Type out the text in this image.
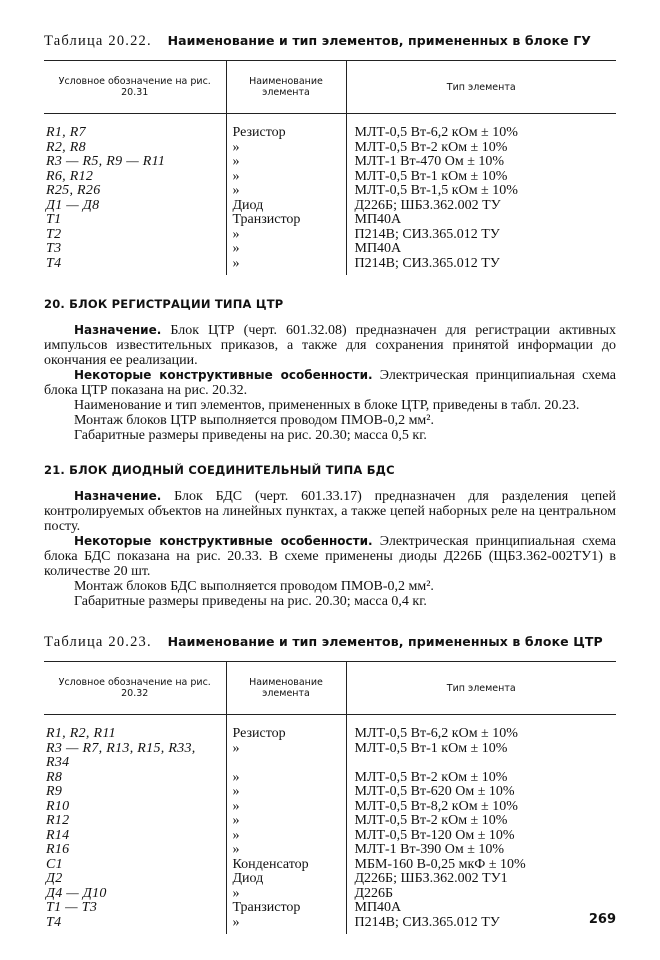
Таблица 20.22. Наименование и тип элементов, примененных в блоке ГУ
Условное обозначение на рис. 20.31	Наименование элемента	Тип элемента

R1, R7	Резистор	МЛТ-0,5 Вт-6,2 кОм ± 10%
R2, R8	»	МЛТ-0,5 Вт-2 кОм ± 10%
R3 — R5, R9 — R11	»	МЛТ-1 Вт-470 Ом ± 10%
R6, R12	»	МЛТ-0,5 Вт-1 кОм ± 10%
R25, R26	»	МЛТ-0,5 Вт-1,5 кОм ± 10%
Д1 — Д8	Диод	Д226Б; ШБЗ.362.002 ТУ
Т1	Транзистор	МП40А
Т2	»	П214В; СИЗ.365.012 ТУ
Т3	»	МП40А
Т4	»	П214В; СИЗ.365.012 ТУ

20. БЛОК РЕГИСТРАЦИИ ТИПА ЦТР

Назначение. Блок ЦТР (черт. 601.32.08) предназначен для регистрации активных импульсов известительных приказов, а также для сохранения принятой информации до окончания ее реализации.

Некоторые конструктивные особенности. Электрическая принципиальная схема блока ЦТР показана на рис. 20.32.

Наименование и тип элементов, примененных в блоке ЦТР, приведены в табл. 20.23.

Монтаж блоков ЦТР выполняется проводом ПМОВ-0,2 мм².

Габаритные размеры приведены на рис. 20.30; масса 0,5 кг.

21. БЛОК ДИОДНЫЙ СОЕДИНИТЕЛЬНЫЙ ТИПА БДС

Назначение. Блок БДС (черт. 601.33.17) предназначен для разделения цепей контролируемых объектов на линейных пунктах, а также цепей наборных реле на центральном посту.

Некоторые конструктивные особенности. Электрическая принципиальная схема блока БДС показана на рис. 20.33. В схеме применены диоды Д226Б (ЩБЗ.362-002ТУ1) в количестве 20 шт.

Монтаж блоков БДС выполняется проводом ПМОВ-0,2 мм².

Габаритные размеры приведены на рис. 20.30; масса 0,4 кг.

Таблица 20.23. Наименование и тип элементов, примененных в блоке ЦТР
Условное обозначение на рис. 20.32	Наименование элемента	Тип элемента

R1, R2, R11	Резистор	МЛТ-0,5 Вт-6,2 кОм ± 10%
R3 — R7, R13, R15, R33,	»	МЛТ-0,5 Вт-1 кОм ± 10%
R34		
R8	»	МЛТ-0,5 Вт-2 кОм ± 10%
R9	»	МЛТ-0,5 Вт-620 Ом ± 10%
R10	»	МЛТ-0,5 Вт-8,2 кОм ± 10%
R12	»	МЛТ-0,5 Вт-2 кОм ± 10%
R14	»	МЛТ-0,5 Вт-120 Ом ± 10%
R16	»	МЛТ-1 Вт-390 Ом ± 10%
С1	Конденсатор	МБМ-160 В-0,25 мкФ ± 10%
Д2	Диод	Д226Б; ШБЗ.362.002 ТУ1
Д4 — Д10	»	Д226Б
Т1 — Т3	Транзистор	МП40А
Т4	»	П214В; СИЗ.365.012 ТУ
			269
